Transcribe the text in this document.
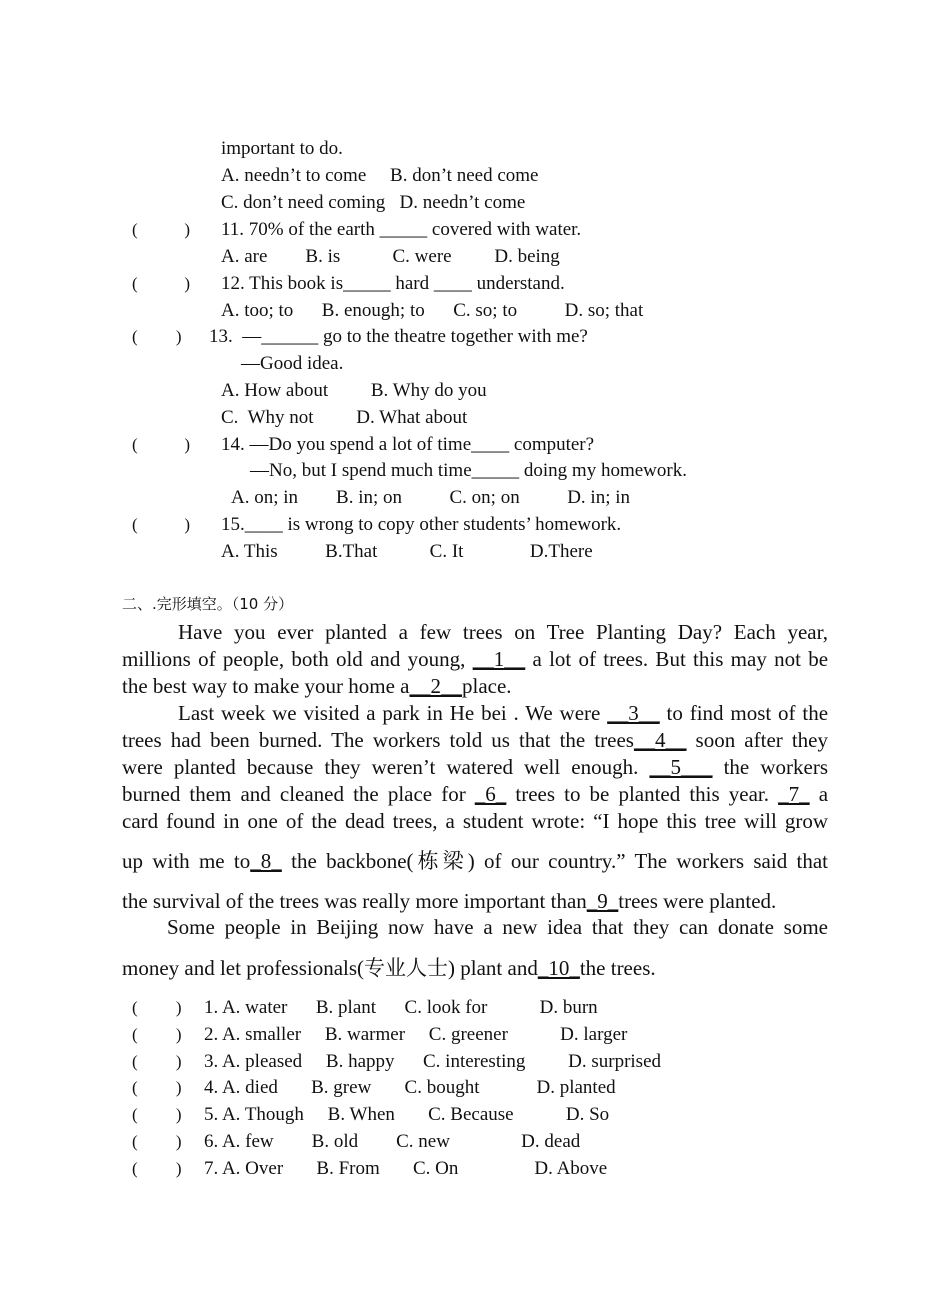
important to do.
A. needn’t to come     B. don’t need come
C. don’t need coming   D. needn’t come
(           ) 11. 70% of the earth _____ covered with water.
A. are        B. is           C. were         D. being
(           ) 12. This book is_____ hard ____ understand.
A. too; to      B. enough; to      C. so; to          D. so; that
(         ) 13.  —______ go to the theatre together with me?
—Good idea.
A. How about         B. Why do you
C.  Why not         D. What about
(           ) 14. —Do you spend a lot of time____ computer?
—No, but I spend much time_____ doing my homework.
A. on; in        B. in; on          C. on; on          D. in; in
(           ) 15.____ is wrong to copy other students’ homework.
A. This          B.That           C. It              D.There
二、.完形填空。（10 分）
Have you ever planted a few trees on Tree Planting Day? Each year,
millions of people, both old and young, __1__ a lot of trees. But this may not be
the best way to make your home a__2__place.
Last week we visited a park in He bei . We were __3__ to find most of the
trees had been burned. The workers told us that the trees__4__ soon after they
were planted because they weren’t watered well enough. __5___ the workers
burned them and cleaned the place for _6_ trees to be planted this year. _7_ a
card found in one of the dead trees, a student wrote: “I hope this tree will grow
up with me to_8_ the backbone(栋梁) of our country.” The workers said that
the survival of the trees was really more important than_9_trees were planted.
Some people in Beijing now have a new idea that they can donate some
money and let professionals(专业人士) plant and_10_the trees.
(         ) 1. A. water      B. plant      C. look for           D. burn
(         ) 2. A. smaller     B. warmer     C. greener           D. larger
(         ) 3. A. pleased     B. happy      C. interesting         D. surprised
(         ) 4. A. died       B. grew       C. bought            D. planted
(         ) 5. A. Though     B. When       C. Because           D. So
(         ) 6. A. few        B. old        C. new               D. dead
(         ) 7. A. Over       B. From       C. On                D. Above
